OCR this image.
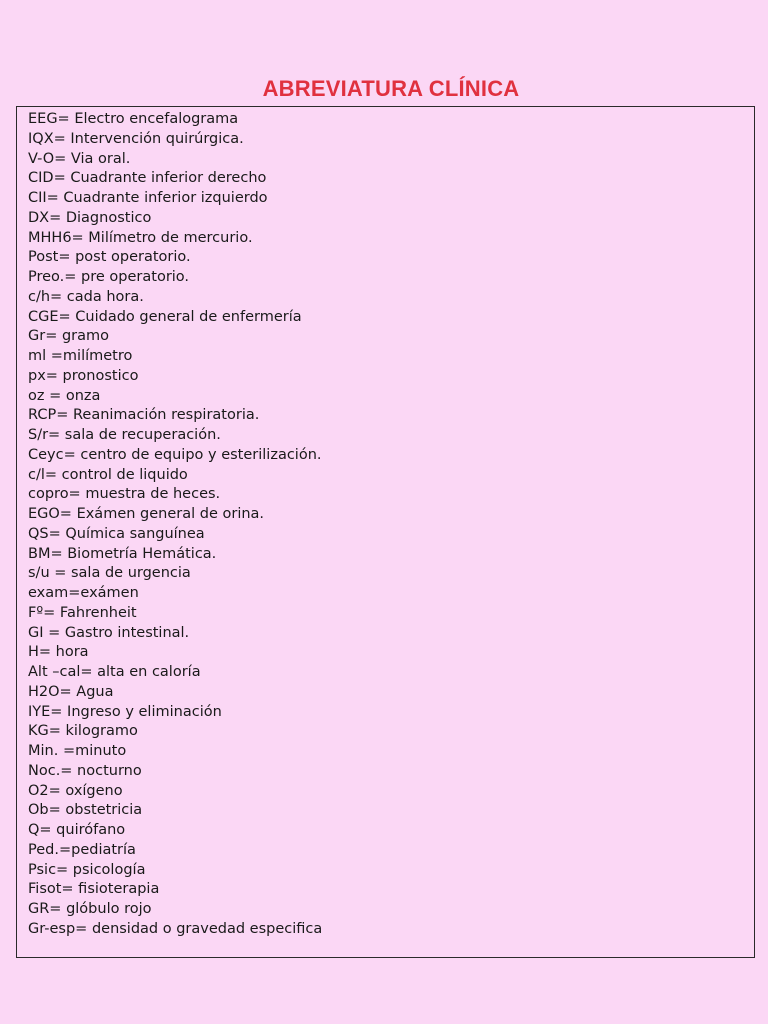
ABREVIATURA CLÍNICA
EEG= Electro encefalograma
IQX= Intervención quirúrgica.
V-O= Via oral.
CID= Cuadrante inferior derecho
CII= Cuadrante inferior izquierdo
DX= Diagnostico
MHH6= Milímetro de mercurio.
Post= post operatorio.
Preo.= pre operatorio.
c/h= cada hora.
CGE= Cuidado general de enfermería
Gr= gramo
ml =milímetro
px= pronostico
oz = onza
RCP= Reanimación respiratoria.
S/r= sala de recuperación.
Ceyc= centro de equipo y esterilización.
c/l= control de liquido
copro= muestra de heces.
EGO= Exámen general de orina.
QS= Química sanguínea
BM= Biometría Hemática.
s/u = sala de urgencia
exam=exámen
Fº= Fahrenheit
GI = Gastro intestinal.
H= hora
Alt –cal= alta en caloría
H2O= Agua
IYE= Ingreso y eliminación
KG= kilogramo
Min. =minuto
Noc.= nocturno
O2= oxígeno
Ob= obstetricia
Q= quirófano
Ped.=pediatría
Psic= psicología
Fisot= fisioterapia
GR= glóbulo rojo
Gr-esp= densidad o gravedad especifica
